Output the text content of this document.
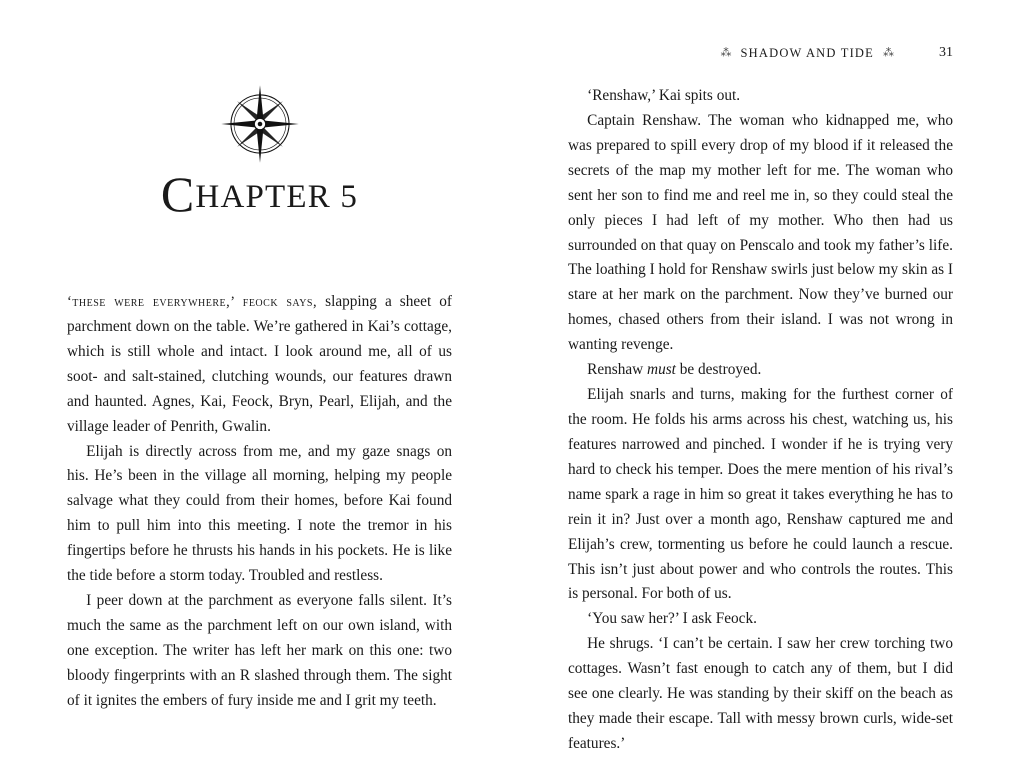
CHAPTER 5

‘these were everywhere,’ feock says, slapping a sheet of parchment down on the table. We’re gathered in Kai’s cottage, which is still whole and intact. I look around me, all of us soot- and salt-stained, clutching wounds, our features drawn and haunted. Agnes, Kai, Feock, Bryn, Pearl, Elijah, and the village leader of Penrith, Gwalin.

Elijah is directly across from me, and my gaze snags on his. He’s been in the village all morning, helping my people salvage what they could from their homes, before Kai found him to pull him into this meeting. I note the tremor in his fingertips before he thrusts his hands in his pockets. He is like the tide before a storm today. Troubled and restless.

I peer down at the parchment as everyone falls silent. It’s much the same as the parchment left on our own island, with one exception. The writer has left her mark on this one: two bloody fingerprints with an R slashed through them. The sight of it ignites the embers of fury inside me and I grit my teeth.

⁂ SHADOW AND TIDE ⁂	31

‘Renshaw,’ Kai spits out.

Captain Renshaw. The woman who kidnapped me, who was prepared to spill every drop of my blood if it released the secrets of the map my mother left for me. The woman who sent her son to find me and reel me in, so they could steal the only pieces I had left of my mother. Who then had us surrounded on that quay on Penscalo and took my father’s life. The loathing I hold for Renshaw swirls just below my skin as I stare at her mark on the parchment. Now they’ve burned our homes, chased others from their island. I was not wrong in wanting revenge.

Renshaw must be destroyed.

Elijah snarls and turns, making for the furthest corner of the room. He folds his arms across his chest, watching us, his features narrowed and pinched. I wonder if he is trying very hard to check his temper. Does the mere mention of his rival’s name spark a rage in him so great it takes everything he has to rein it in? Just over a month ago, Renshaw captured me and Elijah’s crew, tormenting us before he could launch a rescue. This isn’t just about power and who controls the routes. This is personal. For both of us.

‘You saw her?’ I ask Feock.

He shrugs. ‘I can’t be certain. I saw her crew torching two cottages. Wasn’t fast enough to catch any of them, but I did see one clearly. He was standing by their skiff on the beach as they made their escape. Tall with messy brown curls, wide-set features.’
